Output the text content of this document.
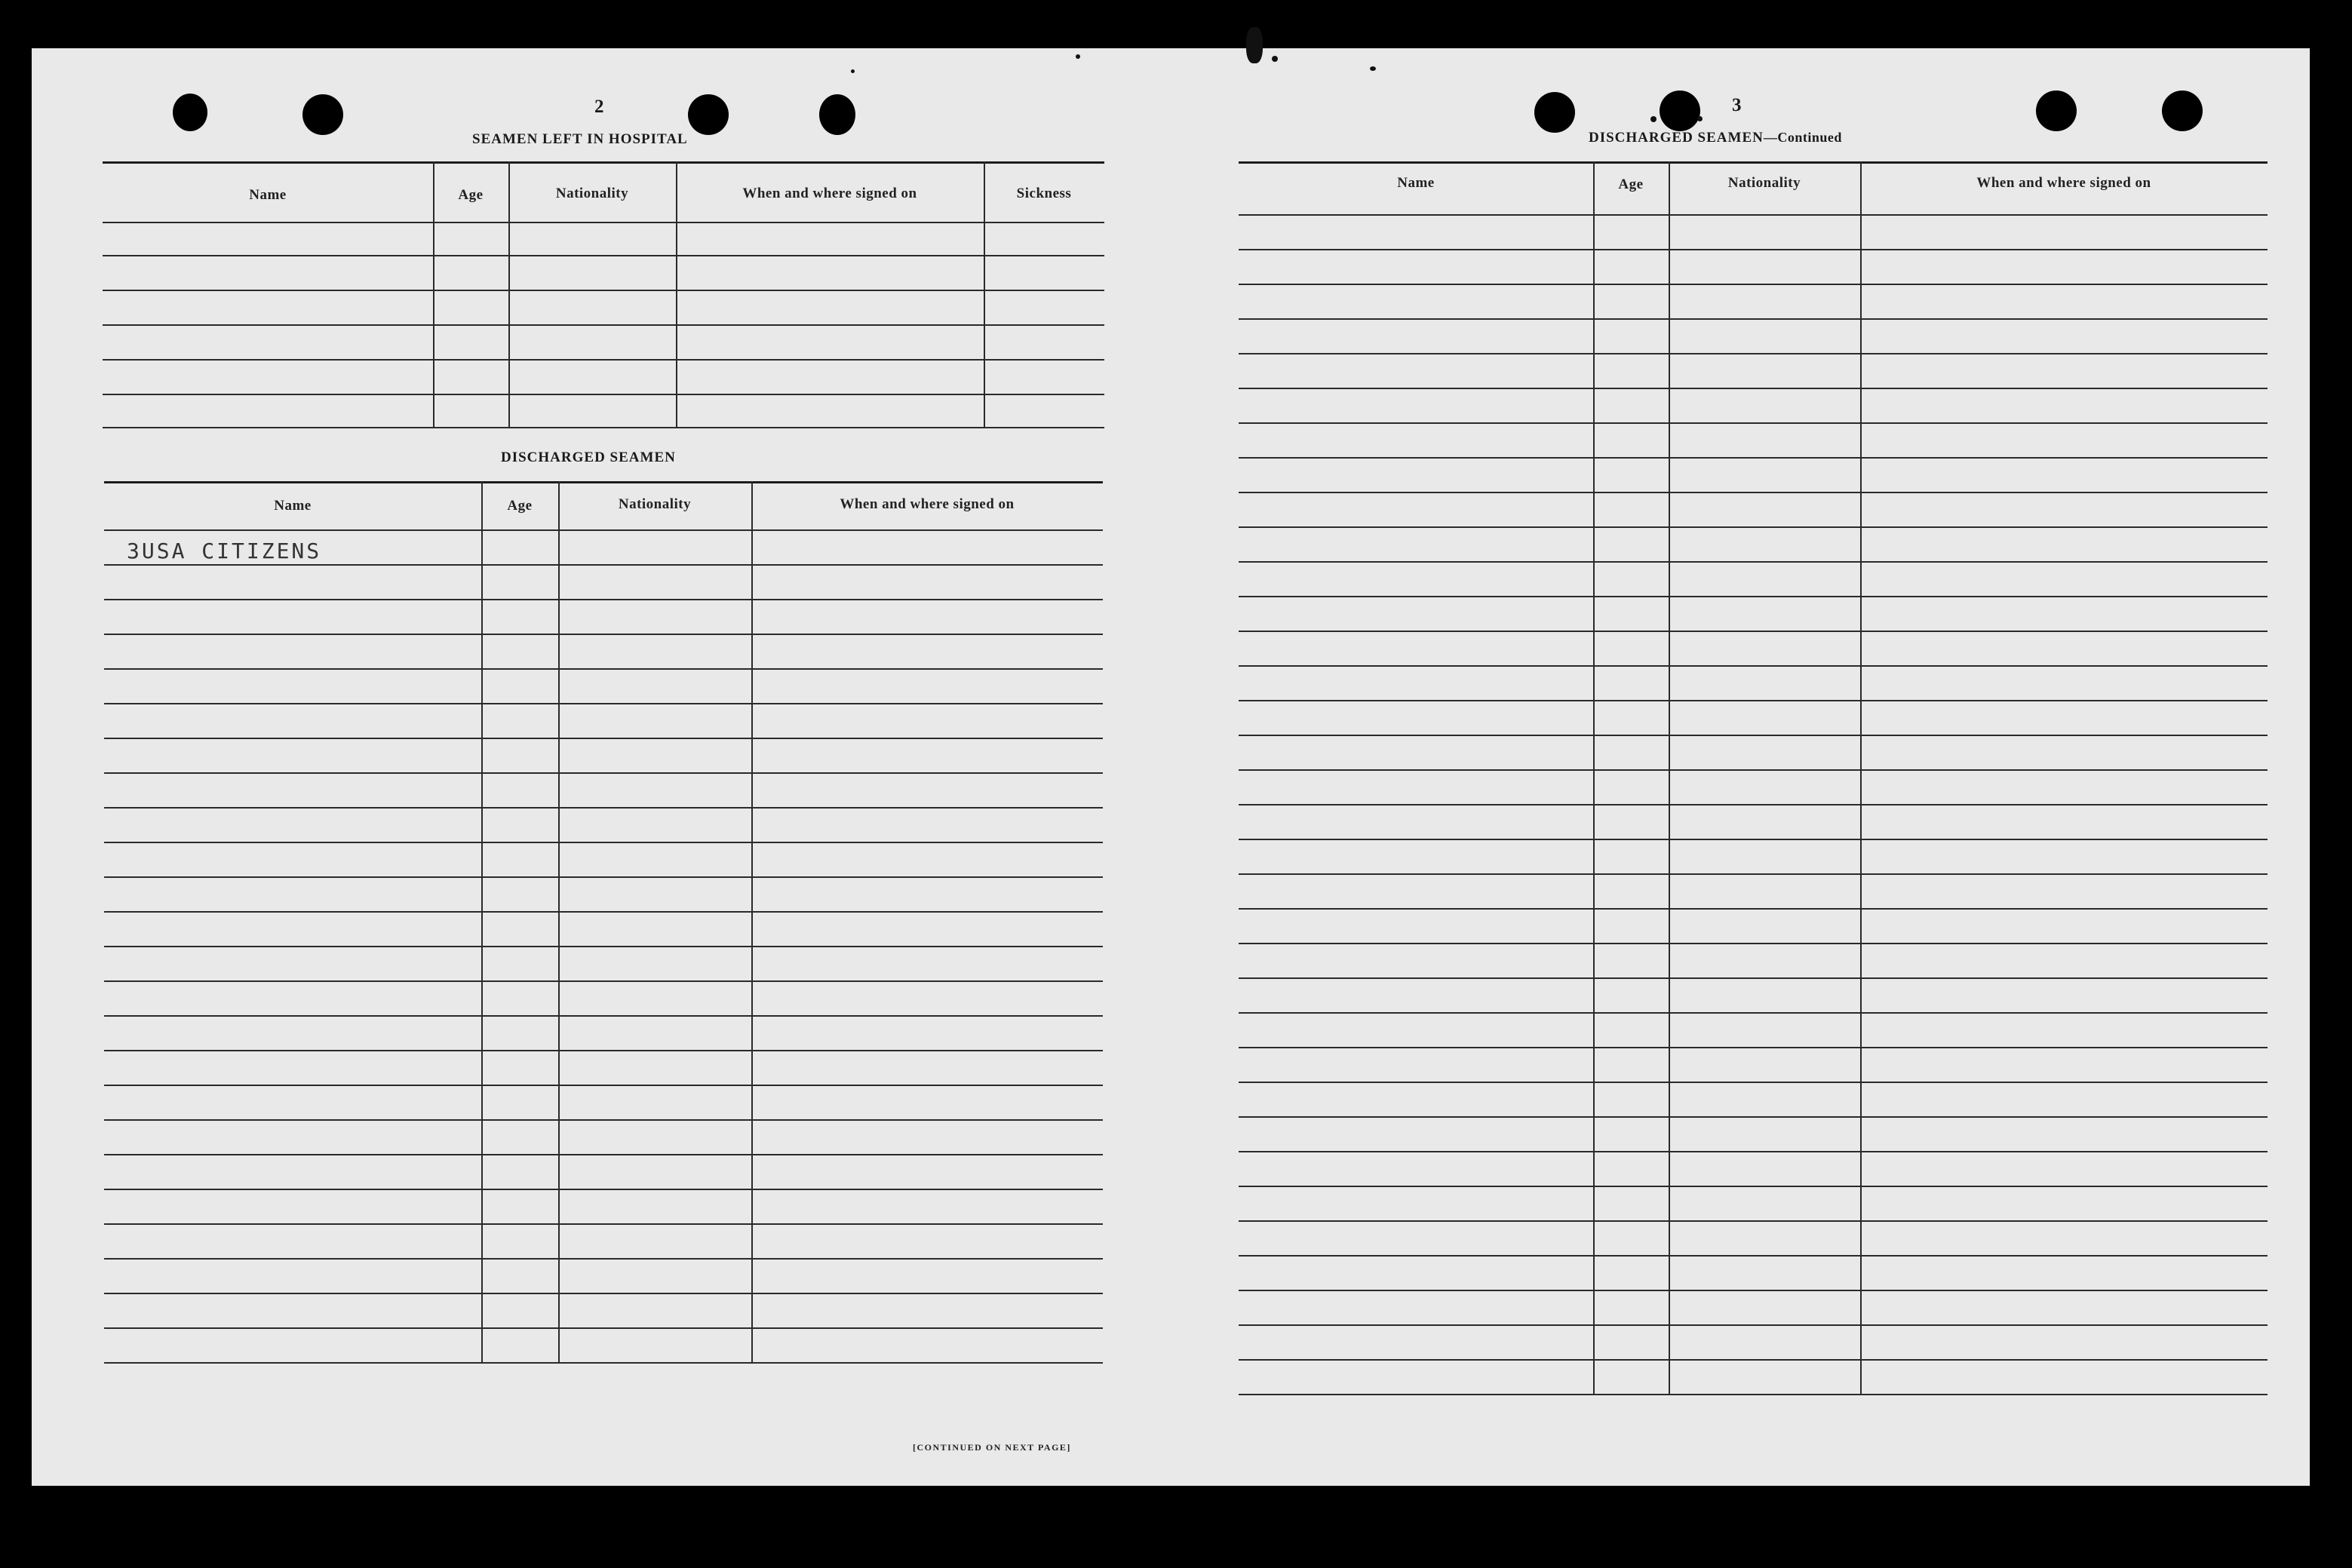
2
SEAMEN LEFT IN HOSPITAL
Name	Age	Nationality	When and where signed on	Sickness
DISCHARGED SEAMEN
Name	Age	Nationality	When and where signed on
3USA CITIZENS
[CONTINUED ON NEXT PAGE]
3
DISCHARGED SEAMEN—Continued
Name	Age	Nationality	When and where signed on
